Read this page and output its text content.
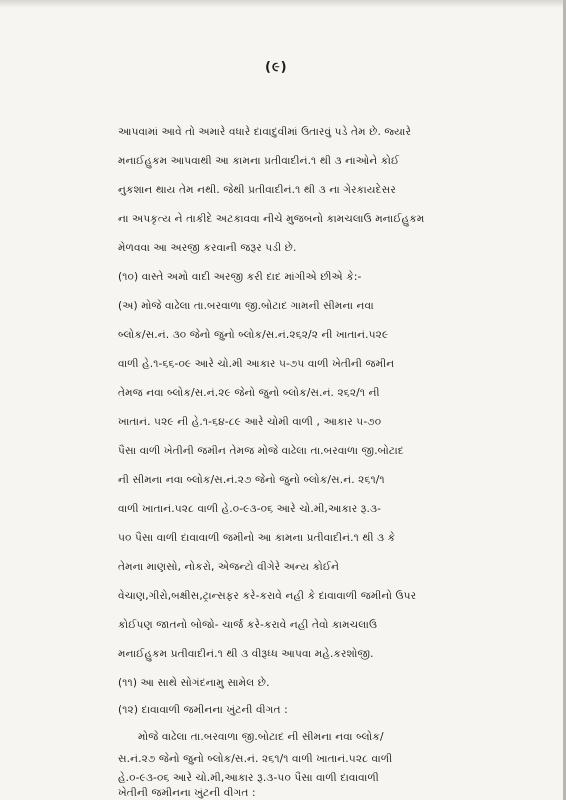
(૯)
આપવામાં આવે તો અમારે વધારે દાવાદુવીમાં ઉતારવું પડે તેમ છે. જ્યારે
મનાઈહુકમ આપવાથી આ કામના પ્રતીવાદીનં.૧ થી ૩ નાઓને કોઈ
નુકશાન થાય તેમ નથી. જેથી પ્રતીવાદીનં.૧ થી ૩ ના ગેરકાયદેસર
ના અપકૃત્ય ને તાકીદે અટકાવવા નીચે મુજબનો કામચલાઉ મનાઈહુકમ
મેળવવા આ અરજી કરવાની જરૂર પડી છે.
(૧૦) વાસ્તે અમો વાદી અરજી કરી દાદ માંગીએ છીએ કે:-
(અ) મોજે વાઢેલા તા.બરવાળા જી.બોટાદ ગામની સીમના નવા
બ્લોક/સ.નં. ૩૦ જેનો જુનો બ્લોક/સ.નં.૨૬૨/૨ ની ખાતાનં.૫૨૯
વાળી હે.૧-૬૬-૦૯ આરે ચો.મી આકાર ૫-૭૫ વાળી ખેતીની જમીન
તેમજ નવા બ્લોક/સ.નં.૨૯ જેનો જુનો બ્લોક/સ.નં. ૨૬૨/૧ ની
ખાતાનં. ૫૨૯ ની હે.૧-૬૪-૮૯ આરે ચોમી વાળી , આકાર ૫-૭૦
પૈસા વાળી ખેતીની જમીન તેમજ મોજે વાઢેલા તા.બરવાળા જી.બોટાદ
ની સીમના નવા બ્લોક/સ.નં.૨૭ જેનો જુનો બ્લોક/સ.નં. ૨૬૧/૧
વાળી ખાતાનં.૫૨૮ વાળી હે.૦-૯૩-૦૬ આરે ચો.મી,આકાર રૂ.૩-
૫૦ પૈસા વાળી દાવાવાળી જમીનો આ કામના પ્રતીવાદીનં.૧ થી ૩ કે
તેમના માણસો, નોકરો, એજન્ટો વીગેરે અન્ય કોઈને
વેચાણ,ગીરો,બક્ષીસ,ટ્રાન્સફર કરે-કરાવે નહી કે દાવાવાળી જમીનો ઉપર
કોઈપણ જાતનો બોજો- ચાર્જ કરે-કરાવે નહી તેવો કામચલાઉ
મનાઈહુકમ પ્રતીવાદીનં.૧ થી ૩ વીરૂધ્ધ આપવા મહે.કરશોજી.
(૧૧) આ સાથે સોગંદનામુ સામેલ છે.
(૧૨) દાવાવાળી જમીનના ખુંટની વીગત :
મોજે વાઢેલા તા.બરવાળા જી.બોટાદ ની સીમના નવા બ્લોક/
સ.નં.૨૭ જેનો જુનો બ્લોક/સ.નં. ૨૬૧/૧ વાળી ખાતાનં.૫૨૮ વાળી
હે.૦-૯૩-૦૬ આરે ચો.મી,આકાર રૂ.૩-૫૦ પૈસા વાળી દાવાવાળી
ખેતીની જમીનના ખુંટની વીગત :
